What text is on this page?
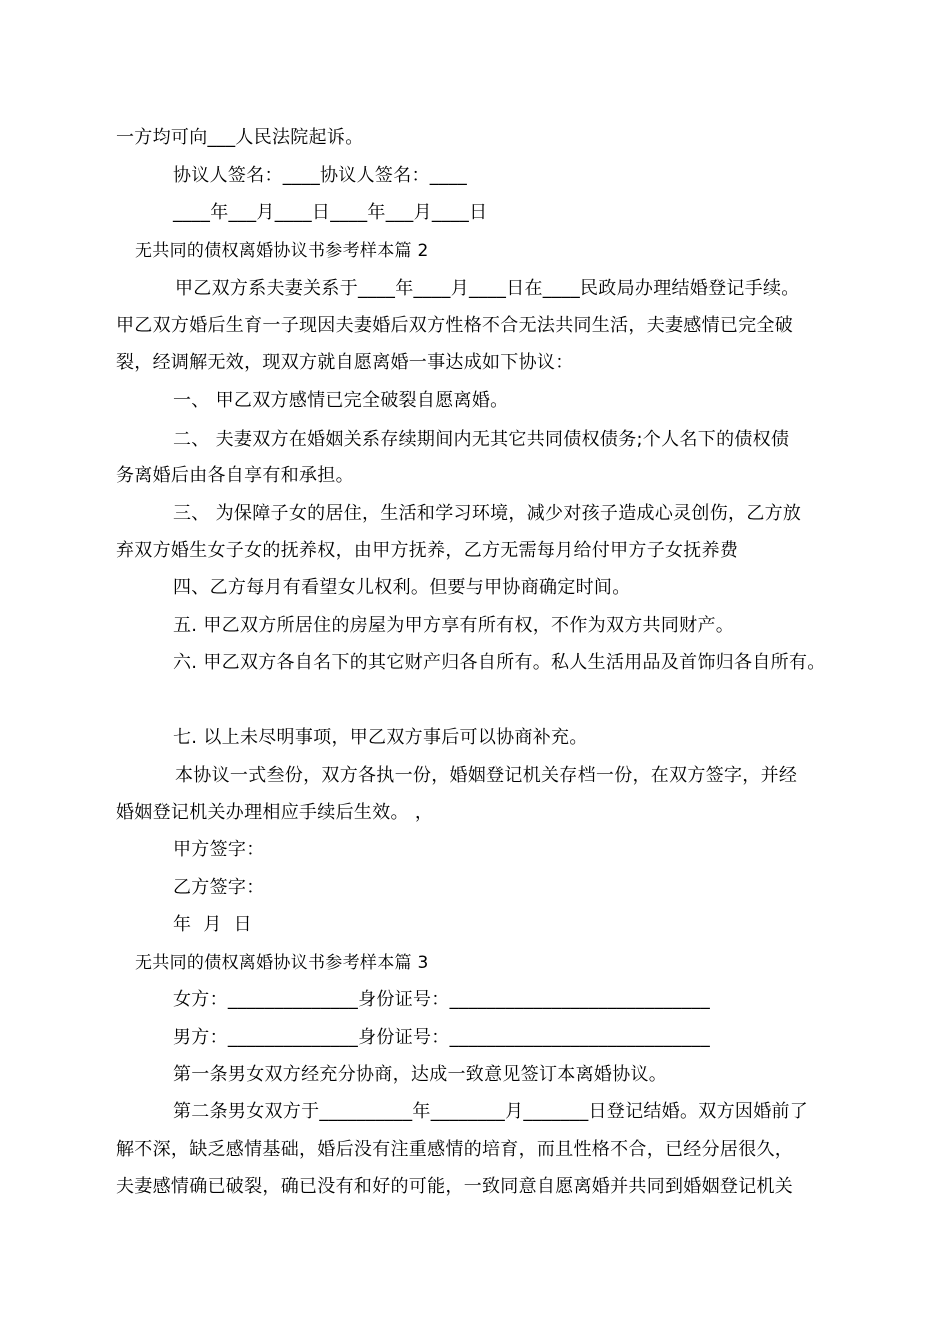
一方均可向___人民法院起诉。
协议人签名：____协议人签名：____
____年___月____日____年___月____日
无共同的债权离婚协议书参考样本篇 2
甲乙双方系夫妻关系于____年____月____日在____民政局办理结婚登记手续。
甲乙双方婚后生育一子现因夫妻婚后双方性格不合无法共同生活，夫妻感情已完全破
裂，经调解无效，现双方就自愿离婚一事达成如下协议：
一、 甲乙双方感情已完全破裂自愿离婚。
二、 夫妻双方在婚姻关系存续期间内无其它共同债权债务;个人名下的债权债
务离婚后由各自享有和承担。
三、 为保障子女的居住，生活和学习环境，减少对孩子造成心灵创伤，乙方放
弃双方婚生女子女的抚养权，由甲方抚养，乙方无需每月给付甲方子女抚养费
四、乙方每月有看望女儿权利。但要与甲协商确定时间。
五. 甲乙双方所居住的房屋为甲方享有所有权，不作为双方共同财产。
六. 甲乙双方各自名下的其它财产归各自所有。私人生活用品及首饰归各自所有。
七. 以上未尽明事项，甲乙双方事后可以协商补充。
本协议一式叁份，双方各执一份，婚姻登记机关存档一份，在双方签字，并经
婚姻登记机关办理相应手续后生效。 ，
甲方签字：
乙方签字：
年  月  日
无共同的债权离婚协议书参考样本篇 3
女方：______________身份证号：____________________________
男方：______________身份证号：____________________________
第一条男女双方经充分协商，达成一致意见签订本离婚协议。
第二条男女双方于__________年________月_______日登记结婚。双方因婚前了
解不深，缺乏感情基础，婚后没有注重感情的培育，而且性格不合，已经分居很久，
夫妻感情确已破裂，确已没有和好的可能，一致同意自愿离婚并共同到婚姻登记机关
